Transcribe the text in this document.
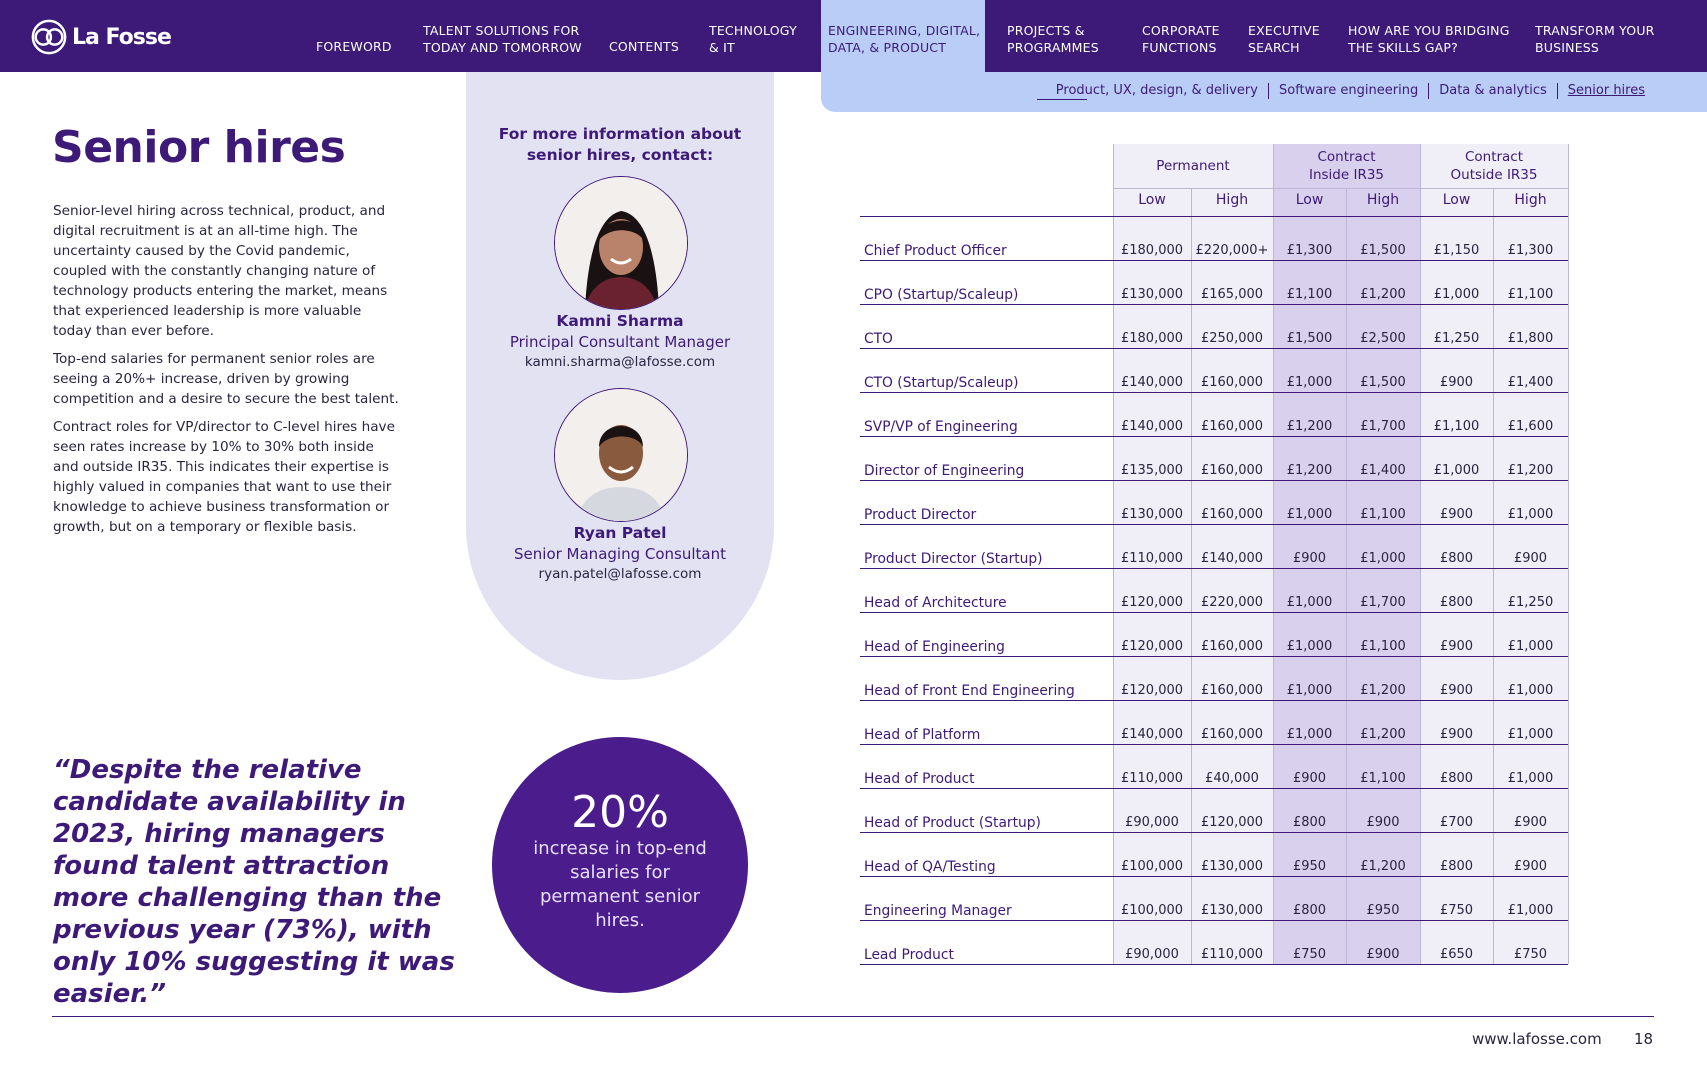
La Fosse	FOREWORD
TALENT SOLUTIONS FOR
TODAY AND TOMORROW CONTENTS
TECHNOLOGY
& IT
ENGINEERING, DIGITAL,
DATA, & PRODUCT
PROJECTS &
PROGRAMMES
CORPORATE
FUNCTIONS
EXECUTIVE
SEARCH
HOW ARE YOU BRIDGING
THE SKILLS GAP?
TRANSFORM YOUR
BUSINESS
Product, UX, design, & delivery	Software engineering	Data & analytics	Senior hires
Senior hires

Senior-level hiring across technical, product, and digital recruitment is at an all-time high. The uncertainty caused by the Covid pandemic, coupled with the constantly changing nature of technology products entering the market, means that experienced leadership is more valuable today than ever before.

Top-end salaries for permanent senior roles are seeing a 20%+ increase, driven by growing competition and a desire to secure the best talent.

Contract roles for VP/director to C-level hires have seen rates increase by 10% to 30% both inside and outside IR35. This indicates their expertise is highly valued in companies that want to use their knowledge to achieve business transformation or growth, but on a temporary or flexible basis.

“Despite the relative candidate availability in 2023, hiring managers found talent attraction more challenging than the previous year (73%), with only 10% suggesting it was easier.”

For more information about senior hires, contact:

Kamni Sharma
Principal Consultant Manager
kamni.sharma@lafosse.com
Ryan Patel
Senior Managing Consultant
ryan.patel@lafosse.com
20%
increase in top-end salaries for permanent senior hires.
Permanent
Contract
Inside IR35
Contract
Outside IR35
Low	High	Low	High	Low	High
Chief Product Officer	£180,000 £220,000+	£1,300	£1,500	£1,150	£1,300
CPO (Startup/Scaleup)	£130,000	£165,000	£1,100	£1,200	£1,000	£1,100
CTO	£180,000	£250,000	£1,500	£2,500	£1,250	£1,800
CTO (Startup/Scaleup)	£140,000	£160,000	£1,000	£1,500	£900	£1,400
SVP/VP of Engineering	£140,000	£160,000	£1,200	£1,700	£1,100	£1,600
Director of Engineering	£135,000	£160,000	£1,200	£1,400	£1,000	£1,200
Product Director	£130,000	£160,000	£1,000	£1,100	£900	£1,000
Product Director (Startup)	£110,000	£140,000	£900	£1,000	£800	£900
Head of Architecture	£120,000	£220,000	£1,000	£1,700	£800	£1,250
Head of Engineering	£120,000	£160,000	£1,000	£1,100	£900	£1,000
Head of Front End Engineering	£120,000	£160,000	£1,000	£1,200	£900	£1,000
Head of Platform	£140,000	£160,000	£1,000	£1,200	£900	£1,000
Head of Product	£110,000	£40,000	£900	£1,100	£800	£1,000
Head of Product (Startup)	£90,000	£120,000	£800	£900	£700	£900
Head of QA/Testing	£100,000	£130,000	£950	£1,200	£800	£900
Engineering Manager	£100,000	£130,000	£800	£950	£750	£1,000
Lead Product	£90,000	£110,000	£750	£900	£650	£750
www.lafosse.com 18
